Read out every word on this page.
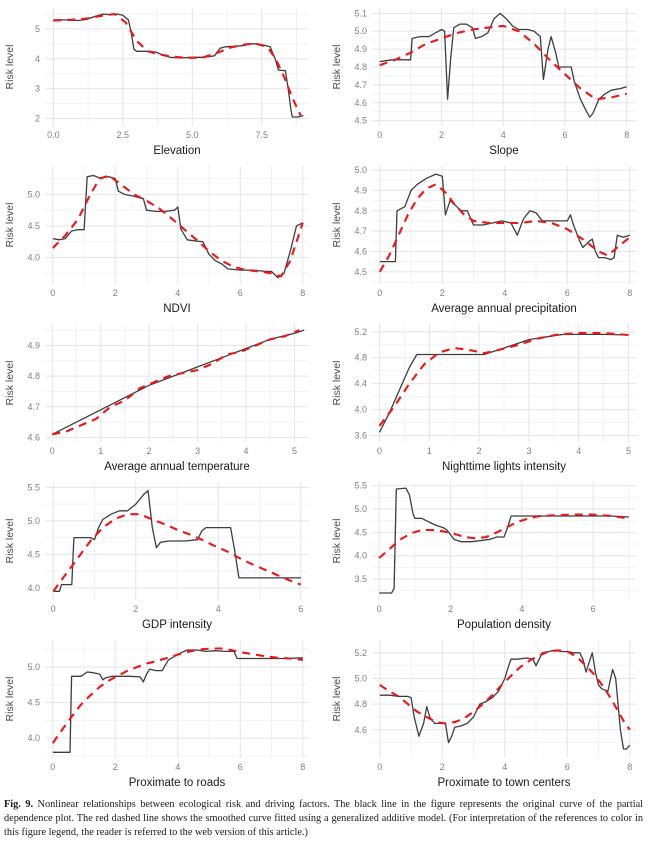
2
3
4
5
0.0	2.5	5.0	7.5
Elevation
Risk level
4.5
4.6
4.7
4.8
4.9
5.0
5.1
0	2	4	6	8
Slope
Risk level
4.0
4.5
5.0
0	2	4	6	8
NDVI
Risk level
4.5
4.6
4.7
4.8
4.9
5.0
0	2	4	6	8
Average annual precipitation
Risk level
4.6
4.7
4.8
4.9
0	1	2	3	4	5
Average annual temperature
Risk level
3.6
4.0
4.4
4.8
5.2
0	1	2	3	4	5
Nighttime lights intensity
Risk level
4.0
4.5
5.0
5.5
0	2	4	6
GDP intensity
Risk level
3.5
4.0
4.5
5.0
5.5
0	2	4	6
Population density
Risk level
4.0
4.5
5.0
0	2	4	6	8
Proximate to roads
Risk level
4.6
4.8
5.0
5.2
0	2	4	6	8
Proximate to town centers
Risk level
Fig. 9. Nonlinear relationships between ecological risk and driving factors. The black line in the figure represents the original curve of the partial dependence plot. The red dashed line shows the smoothed curve fitted using a generalized additive model. (For interpretation of the references to color in this figure legend, the reader is referred to the web version of this article.)
